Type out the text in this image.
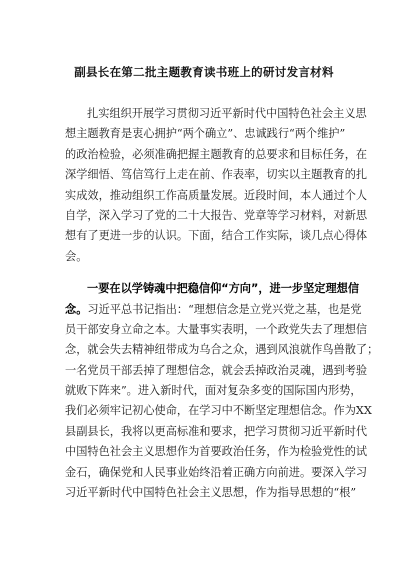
副县长在第二批主题教育读书班上的研讨发言材料
扎实组织开展学习贯彻习近平新时代中国特色社会主义思
想主题教育是衷心拥护“两个确立”、忠诚践行“两个维护”
的政治检验，必须准确把握主题教育的总要求和目标任务，在
深学细悟、笃信笃行上走在前、作表率，切实以主题教育的扎
实成效，推动组织工作高质量发展。近段时间，本人通过个人
自学，深入学习了党的二十大报告、党章等学习材料，对新思
想有了更进一步的认识。下面，结合工作实际，谈几点心得体
会。
一要在以学铸魂中把稳信仰“方向”，进一步坚定理想信
念。习近平总书记指出：“理想信念是立党兴党之基，也是党
员干部安身立命之本。大量事实表明，一个政党失去了理想信
念，就会失去精神纽带成为乌合之众，遇到风浪就作鸟兽散了；
一名党员干部丢掉了理想信念，就会丢掉政治灵魂，遇到考验
就败下阵来”。进入新时代，面对复杂多变的国际国内形势，
我们必须牢记初心使命，在学习中不断坚定理想信念。作为XX
县副县长，我将以更高标准和要求，把学习贯彻习近平新时代
中国特色社会主义思想作为首要政治任务，作为检验党性的试
金石，确保党和人民事业始终沿着正确方向前进。要深入学习
习近平新时代中国特色社会主义思想，作为指导思想的“根”
